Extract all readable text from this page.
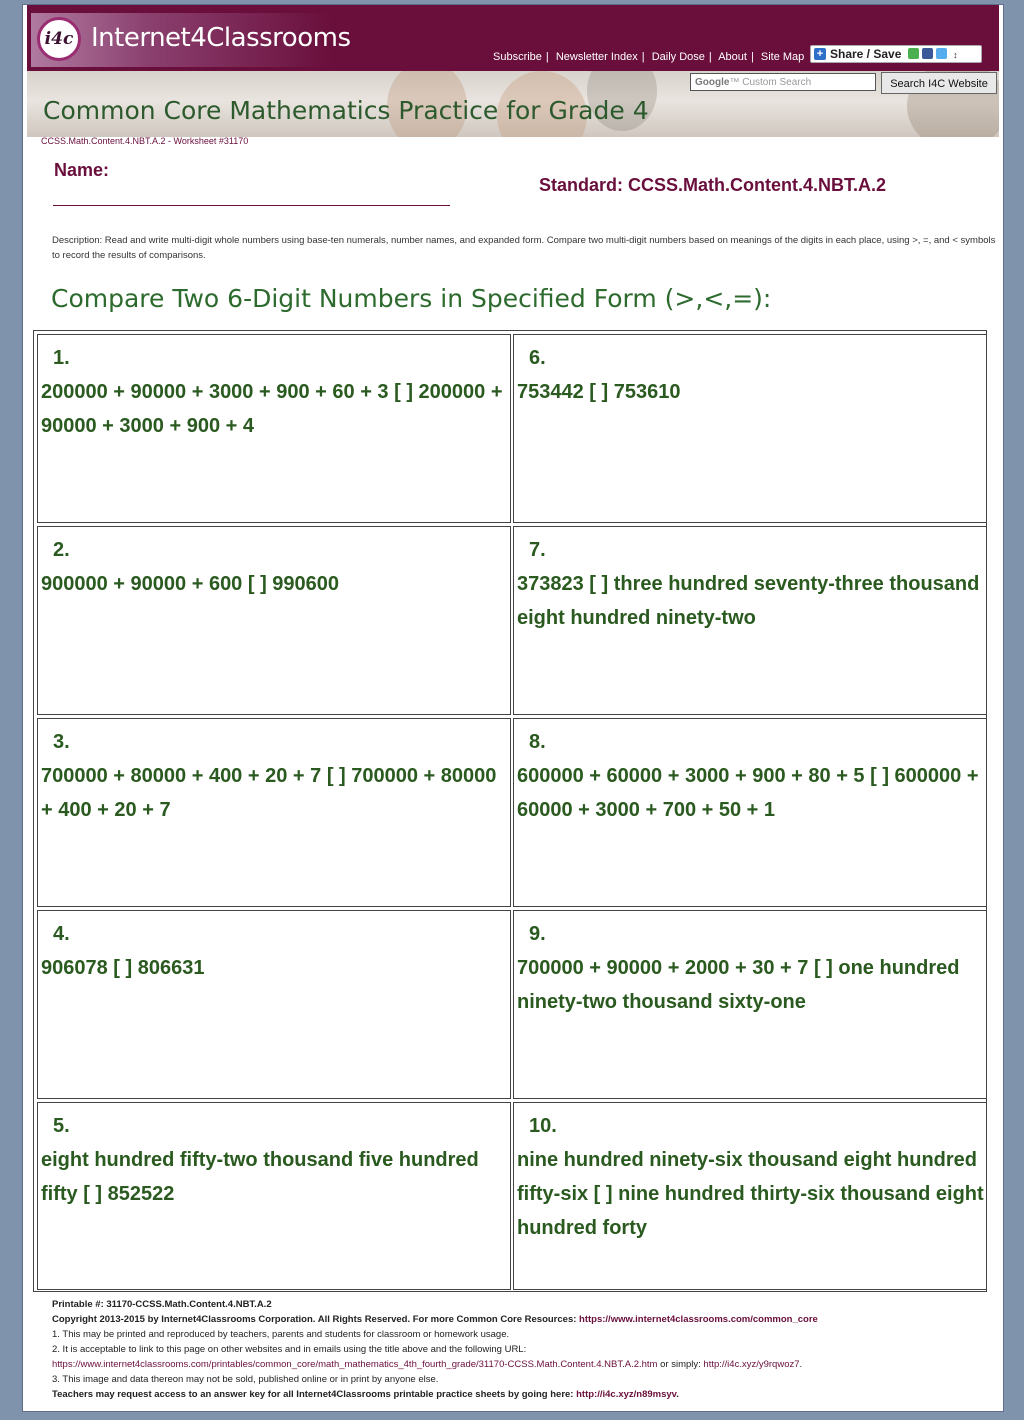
i4c Internet4Classrooms
Subscribe | Newsletter Index | Daily Dose | About | Site Map	+ Share / Save	↕
Google™ Custom Search	Search I4C Website
Common Core Mathematics Practice for Grade 4
CCSS.Math.Content.4.NBT.A.2 - Worksheet #31170
Name:
Standard: CCSS.Math.Content.4.NBT.A.2
Description: Read and write multi-digit whole numbers using base-ten numerals, number names, and expanded form. Compare two multi-digit numbers based on meanings of the digits in each place, using >, =, and < symbols to record the results of comparisons.
Compare Two 6-Digit Numbers in Specified Form (>,<,=):
1.
200000 + 90000 + 3000 + 900 + 60 + 3 [ ] 200000 + 90000 + 3000 + 900 + 4
6.
753442 [ ] 753610
2.
900000 + 90000 + 600 [ ] 990600
7.
373823 [ ] three hundred seventy-three thousand eight hundred ninety-two
3.
700000 + 80000 + 400 + 20 + 7 [ ] 700000 + 80000 + 400 + 20 + 7
8.
600000 + 60000 + 3000 + 900 + 80 + 5 [ ] 600000 + 60000 + 3000 + 700 + 50 + 1
4.
906078 [ ] 806631
9.
700000 + 90000 + 2000 + 30 + 7 [ ] one hundred ninety-two thousand sixty-one
5.
eight hundred fifty-two thousand five hundred fifty [ ] 852522
10.
nine hundred ninety-six thousand eight hundred fifty-six [ ] nine hundred thirty-six thousand eight hundred forty
Printable #: 31170-CCSS.Math.Content.4.NBT.A.2
Copyright 2013-2015 by Internet4Classrooms Corporation. All Rights Reserved. For more Common Core Resources: https://www.internet4classrooms.com/common_core
1. This may be printed and reproduced by teachers, parents and students for classroom or homework usage.
2. It is acceptable to link to this page on other websites and in emails using the title above and the following URL:
https://www.internet4classrooms.com/printables/common_core/math_mathematics_4th_fourth_grade/31170-CCSS.Math.Content.4.NBT.A.2.htm or simply: http://i4c.xyz/y9rqwoz7.
3. This image and data thereon may not be sold, published online or in print by anyone else.
Teachers may request access to an answer key for all Internet4Classrooms printable practice sheets by going here: http://i4c.xyz/n89msyv.
